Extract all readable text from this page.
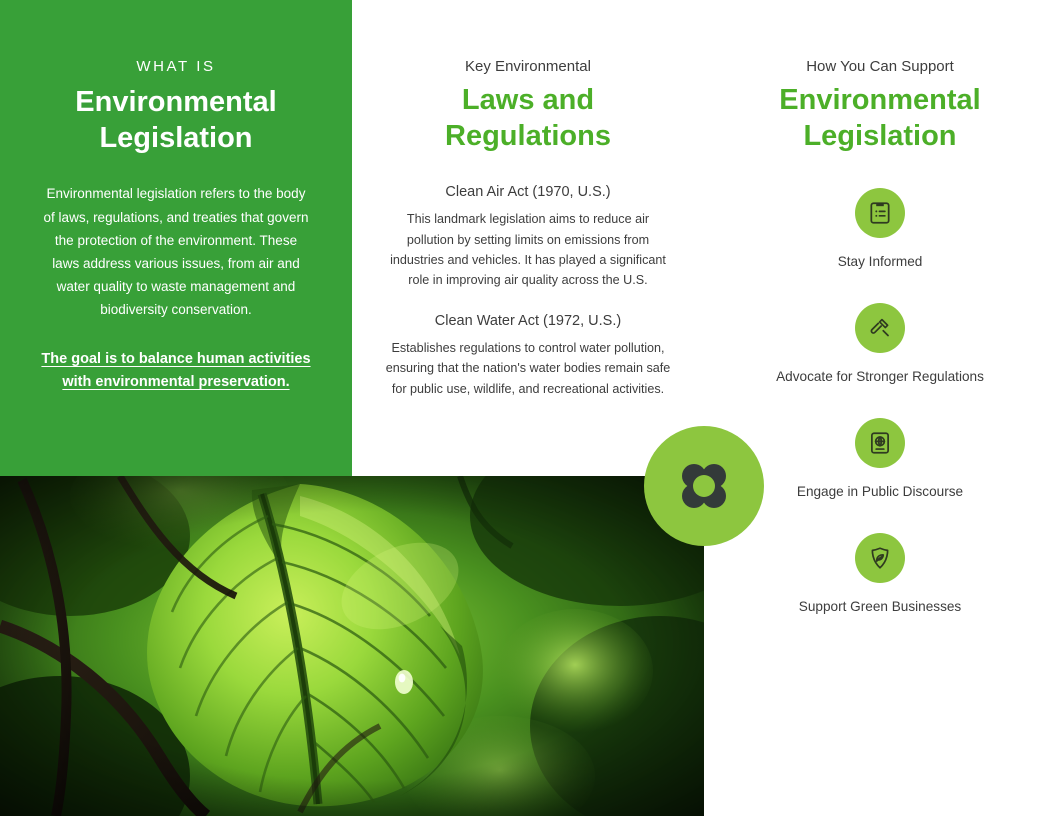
WHAT IS
Environmental Legislation

Environmental legislation refers to the body of laws, regulations, and treaties that govern the protection of the environment. These laws address various issues, from air and water quality to waste management and biodiversity conservation.

The goal is to balance human activities with environmental preservation.

Key Environmental
Laws and Regulations
Clean Air Act (1970, U.S.)

This landmark legislation aims to reduce air pollution by setting limits on emissions from industries and vehicles. It has played a significant role in improving air quality across the U.S.

Clean Water Act (1972, U.S.)

Establishes regulations to control water pollution, ensuring that the nation's water bodies remain safe for public use, wildlife, and recreational activities.

How You Can Support
Environmental Legislation
Stay Informed
Advocate for Stronger Regulations
Engage in Public Discourse
Support Green Businesses
